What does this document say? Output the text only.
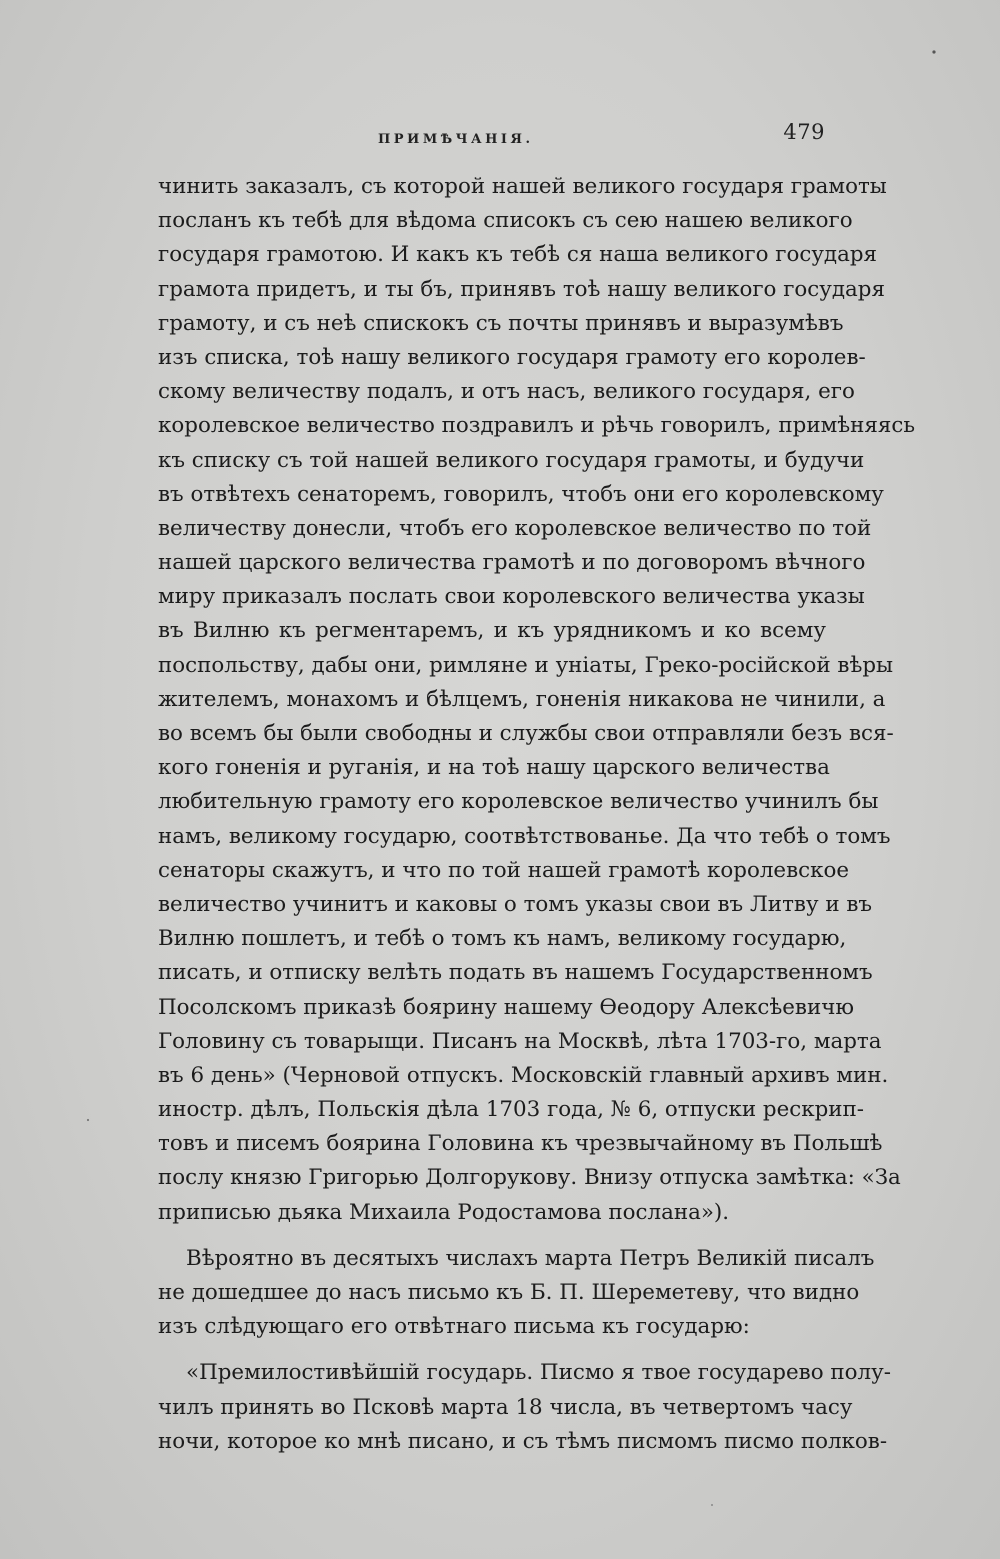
ПРИМѢЧАНІЯ.	479
чинить заказалъ, съ которой нашей великого государя грамоты
посланъ къ тебѣ для вѣдома списокъ съ сею нашею великого
государя грамотою. И какъ къ тебѣ ся наша великого государя
грамота придетъ, и ты бъ, принявъ тоѣ нашу великого государя
грамоту, и съ неѣ спискокъ съ почты принявъ и выразумѣвъ
изъ списка, тоѣ нашу великого государя грамоту его королев-
скому величеству подалъ, и отъ насъ, великого государя, его
королевское величество поздравилъ и рѣчь говорилъ, примѣняясь
къ списку съ той нашей великого государя грамоты, и будучи
въ отвѣтехъ сенаторемъ, говорилъ, чтобъ они его королевскому
величеству донесли, чтобъ его королевское величество по той
нашей царского величества грамотѣ и по договоромъ вѣчного
миру приказалъ послать свои королевского величества указы
въ Вилню къ регментаремъ, и къ урядникомъ и ко всему
поспольству, дабы они, римляне и уніаты, Греко-російской вѣры
жителемъ, монахомъ и бѣлцемъ, гоненія никакова не чинили, а
во всемъ бы были свободны и службы свои отправляли безъ вся-
кого гоненія и руганія, и на тоѣ нашу царского величества
любительную грамоту его королевское величество учинилъ бы
намъ, великому государю, соотвѣтствованье. Да что тебѣ о томъ
сенаторы скажутъ, и что по той нашей грамотѣ королевское
величество учинитъ и каковы о томъ указы свои въ Литву и въ
Вилню пошлетъ, и тебѣ о томъ къ намъ, великому государю,
писать, и отписку велѣть подать въ нашемъ Государственномъ
Посолскомъ приказѣ боярину нашему Ѳеодору Алексѣевичю
Головину съ товарыщи. Писанъ на Москвѣ, лѣта 1703-го, марта
въ 6 день» (Черновой отпускъ. Московскій главный архивъ мин.
иностр. дѣлъ, Польскія дѣла 1703 года, № 6, отпуски рескрип-
товъ и писемъ боярина Головина къ чрезвычайному въ Польшѣ
послу князю Григорью Долгорукову. Внизу отпуска замѣтка: «За
приписью дьяка Михаила Родостамова послана»).
Вѣроятно въ десятыхъ числахъ марта Петръ Великій писалъ
не дошедшее до насъ письмо къ Б. П. Шереметеву, что видно
изъ слѣдующаго его отвѣтнаго письма къ государю:
«Премилостивѣйшій государь. Писмо я твое государево полу-
чилъ принять во Псковѣ марта 18 числа, въ четвертомъ часу
ночи, которое ко мнѣ писано, и съ тѣмъ писмомъ писмо полков-
